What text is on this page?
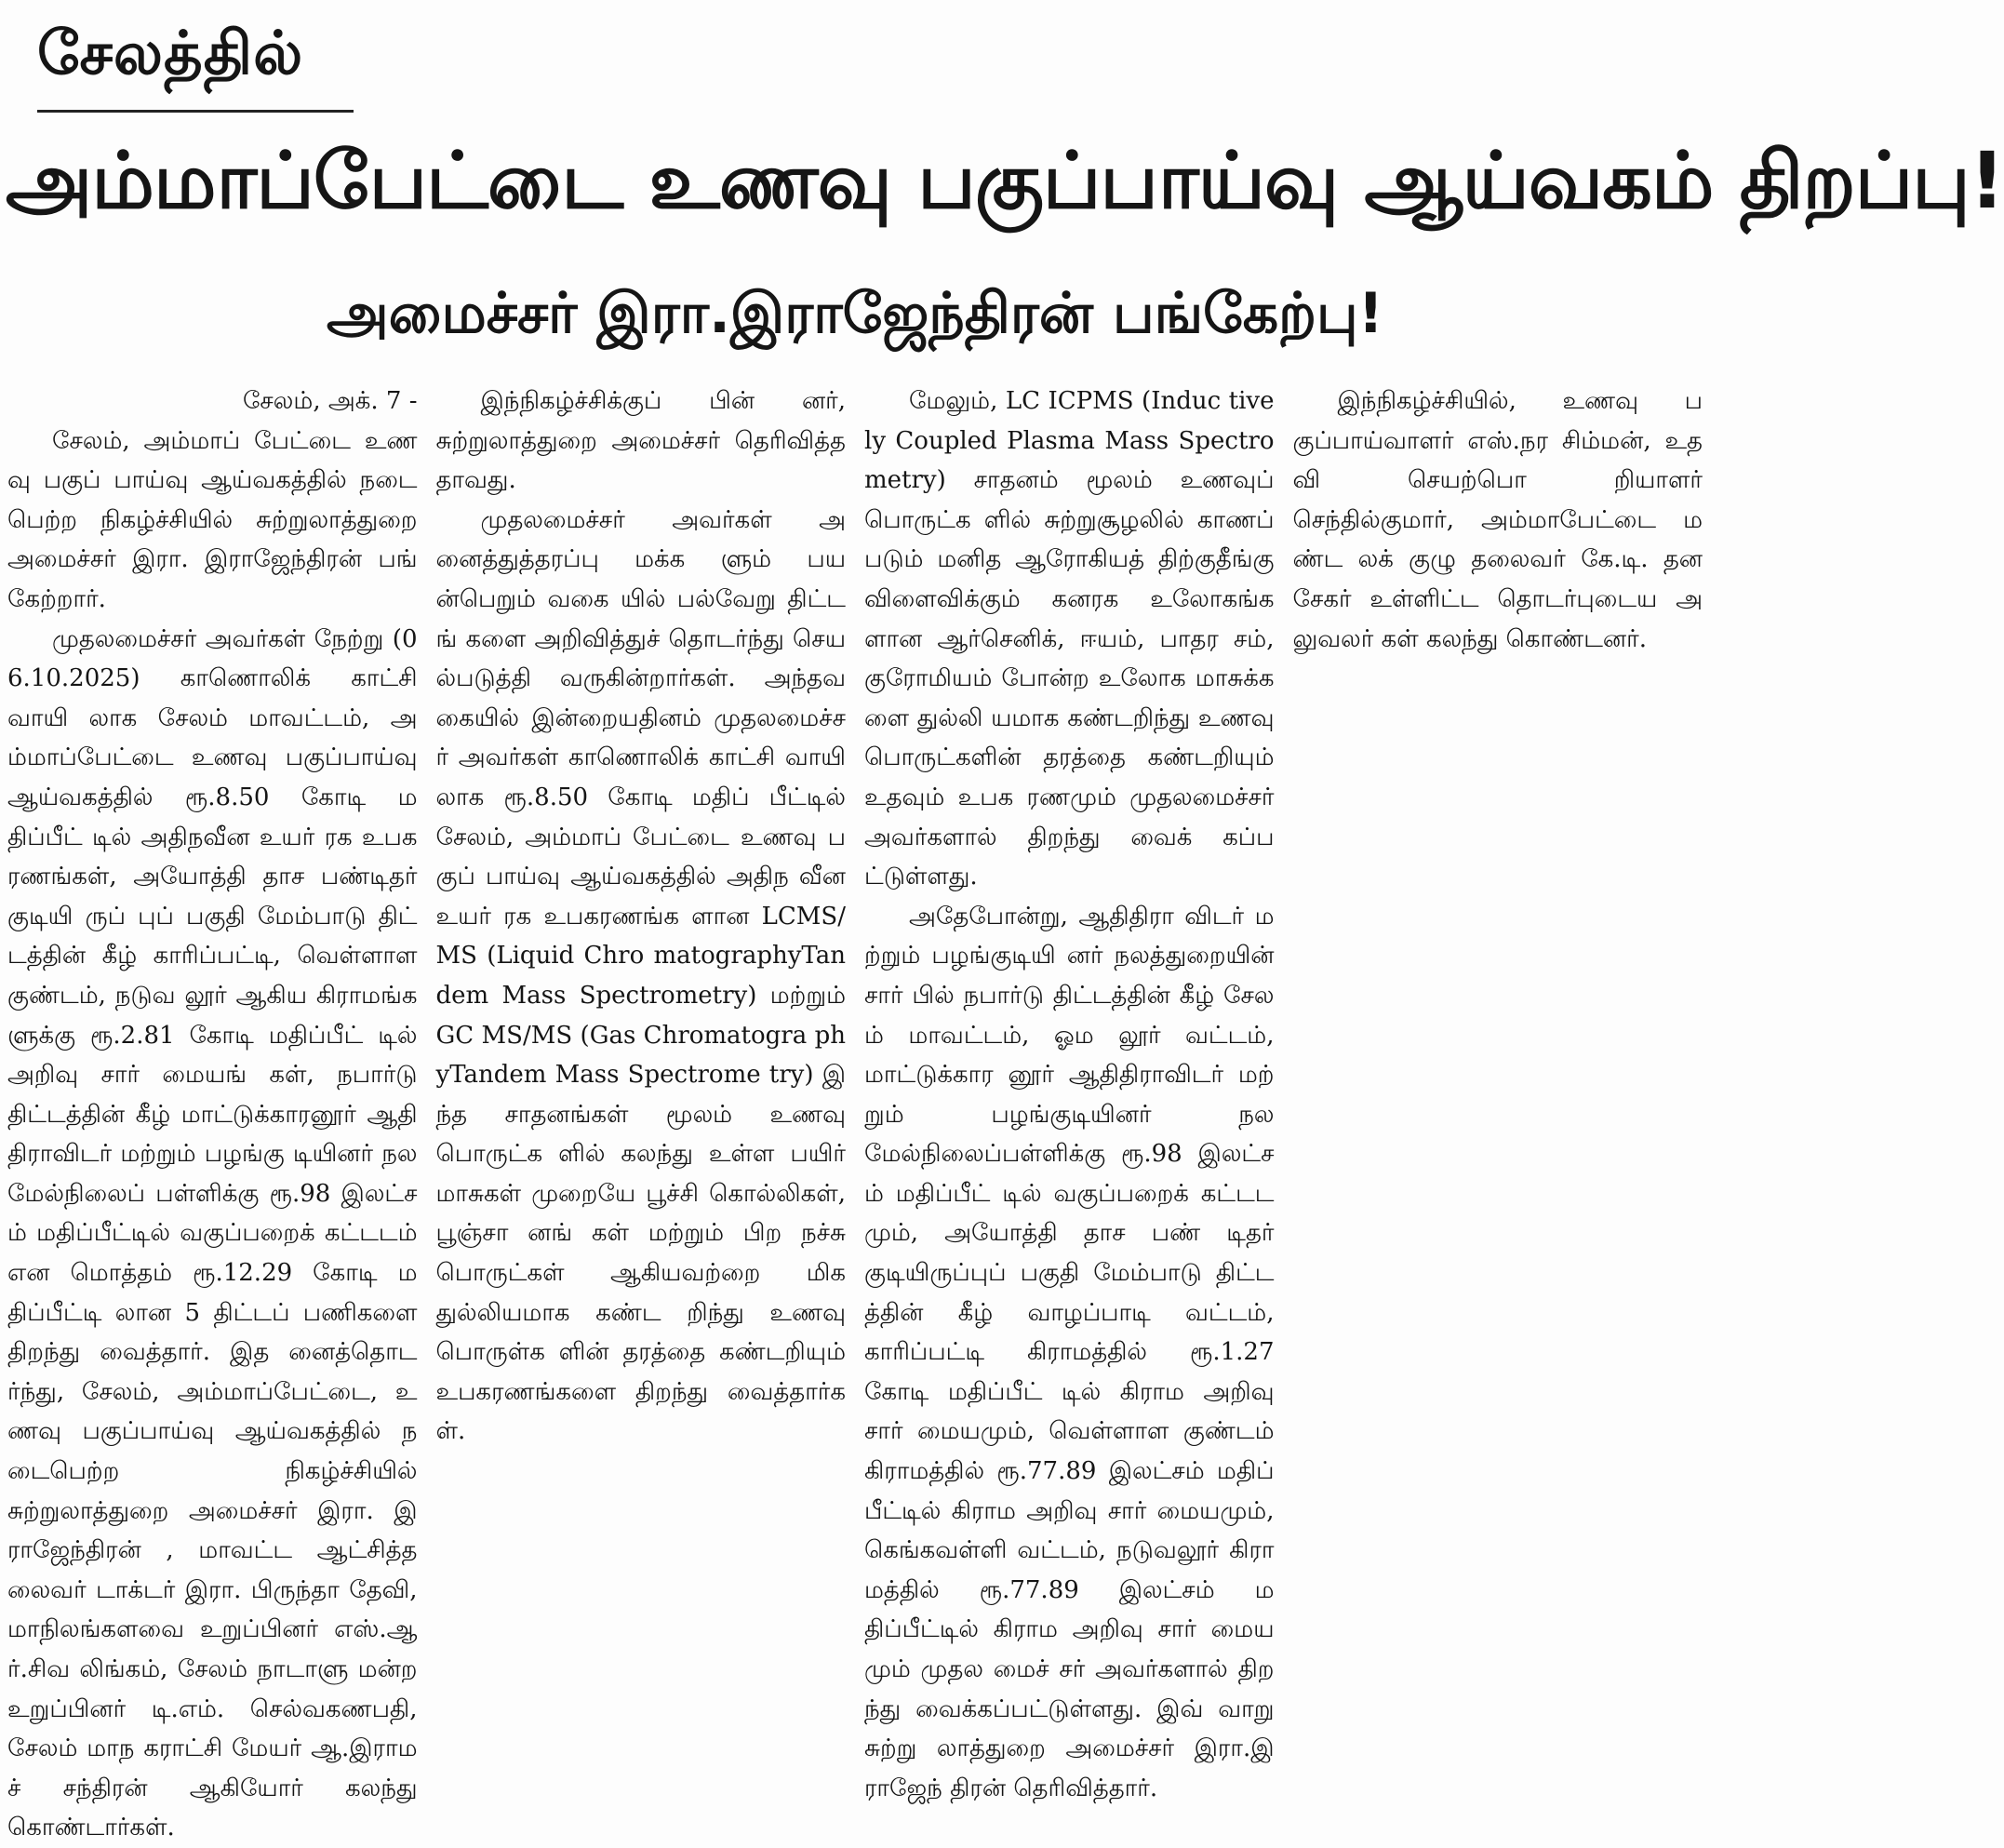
சேலத்தில்
அம்மாப்பேட்டை உணவு பகுப்பாய்வு ஆய்வகம் திறப்பு!
அமைச்சர் இரா.இராஜேந்திரன் பங்கேற்பு!

சேலம், அக். 7 -

சேலம், அம்மாப் பேட்டை உணவு பகுப் பாய்வு ஆய்வகத்தில் நடை பெற்ற நிகழ்ச்சியில் சுற்றுலாத்துறை அமைச்சர் இரா. இராஜேந்திரன் பங் கேற்றார்.

முதலமைச்சர் அவர்கள் நேற்று (06.10.2025) காணொலிக் காட்சி வாயி லாக சேலம் மாவட்டம், அம்மாப்பேட்டை உணவு பகுப்பாய்வு ஆய்வகத்தில் ரூ.8.50 கோடி மதிப்பீட் டில் அதிநவீன உயர் ரக உபகரணங்கள், அயோத்தி தாச பண்டிதர் குடியி ருப் புப் பகுதி மேம்பாடு திட் டத்தின் கீழ் காரிப்பட்டி, வெள்ளாளகுண்டம், நடுவ லூர் ஆகிய கிராமங்களுக்கு ரூ.2.81 கோடி மதிப்பீட் டில் அறிவு சார் மையங் கள், நபார்டு திட்டத்தின் கீழ் மாட்டுக்காரனூர் ஆதி திராவிடர் மற்றும் பழங்கு டியினர் நல மேல்நிலைப் பள்ளிக்கு ரூ.98 இலட்சம் மதிப்பீட்டில் வகுப்பறைக் கட்டடம் என மொத்தம் ரூ.12.29 கோடி மதிப்பீட்டி லான 5 திட்டப் பணிகளை திறந்து வைத்தார். இத னைத்தொடர்ந்து, சேலம், அம்மாப்பேட்டை, உணவு பகுப்பாய்வு ஆய்வகத்தில் நடைபெற்ற நிகழ்ச்சியில் சுற்றுலாத்துறை அமைச்சர் இரா. இராஜேந்திரன் , மாவட்ட ஆட்சித்தலைவர் டாக்டர் இரா. பிருந்தா தேவி, மாநிலங்களவை உறுப்பினர் எஸ்.ஆர்.சிவ லிங்கம், சேலம் நாடாளு மன்ற உறுப்பினர் டி.எம். செல்வகணபதி, சேலம் மாந கராட்சி மேயர் ஆ.இராமச் சந்திரன் ஆகியோர் கலந்து கொண்டார்கள்.

இந்நிகழ்ச்சிக்குப் பின் னர், சுற்றுலாத்துறை அமைச்சர் தெரிவித்த தாவது.

முதலமைச்சர் அவர்கள் அனைத்துத்தரப்பு மக்க ளும் பயன்பெறும் வகை யில் பல்வேறு திட்டங் களை அறிவித்துச் தொடர்ந்து செயல்படுத்தி வருகின்றார்கள். அந்தவ கையில் இன்றையதினம் முதலமைச்சர் அவர்கள் காணொலிக் காட்சி வாயி லாக ரூ.8.50 கோடி மதிப் பீட்டில் சேலம், அம்மாப் பேட்டை உணவு பகுப் பாய்வு ஆய்வகத்தில் அதிந வீன உயர் ரக உபகரணங்க ளான LCMS/MS (Liquid Chro matographyTandem Mass Spectrometry) மற்றும் GC MS/MS (Gas Chromatogra phyTandem Mass Spectrome try) இந்த சாதனங்கள் மூலம் உணவு பொருட்க ளில் கலந்து உள்ள பயிர் மாசுகள் முறையே பூச்சி கொல்லிகள், பூஞ்சா னங் கள் மற்றும் பிற நச்சு பொருட்கள் ஆகியவற்றை மிக துல்லியமாக கண்ட றிந்து உணவு பொருள்க ளின் தரத்தை கண்டறியும் உபகரணங்களை திறந்து வைத்தார்கள்.

மேலும், LC ICPMS (Induc tively Coupled Plasma Mass Spectrometry) சாதனம் மூலம் உணவுப் பொருட்க ளில் சுற்றுசூழலில் காணப் படும் மனித ஆரோகியத் திற்குதீங்கு விளைவிக்கும் கனரக உலோகங்களான ஆர்செனிக், ஈயம், பாதர சம், குரோமியம் போன்ற உலோக மாசுக்களை துல்லி யமாக கண்டறிந்து உணவு பொருட்களின் தரத்தை கண்டறியும் உதவும் உபக ரணமும் முதலமைச்சர் அவர்களால் திறந்து வைக் கப்பட்டுள்ளது.

அதேபோன்று, ஆதிதிரா விடர் மற்றும் பழங்குடியி னர் நலத்துறையின் சார் பில் நபார்டு திட்டத்தின் கீழ் சேலம் மாவட்டம், ஓம லூர் வட்டம், மாட்டுக்கார னூர் ஆதிதிராவிடர் மற் றும் பழங்குடியினர் நல மேல்நிலைப்பள்ளிக்கு ரூ.98 இலட்சம் மதிப்பீட் டில் வகுப்பறைக் கட்டட மும், அயோத்தி தாச பண் டிதர் குடியிருப்புப் பகுதி மேம்பாடு திட்டத்தின் கீழ் வாழப்பாடி வட்டம், காரிப்பட்டி கிராமத்தில் ரூ.1.27 கோடி மதிப்பீட் டில் கிராம அறிவு சார் மையமும், வெள்ளாள குண்டம் கிராமத்தில் ரூ.77.89 இலட்சம் மதிப் பீட்டில் கிராம அறிவு சார் மையமும், கெங்கவள்ளி வட்டம், நடுவலூர் கிரா மத்தில் ரூ.77.89 இலட்சம் மதிப்பீட்டில் கிராம அறிவு சார் மையமும் முதல மைச் சர் அவர்களால் திறந்து வைக்கப்பட்டுள்ளது. இவ் வாறு சுற்று லாத்துறை அமைச்சர் இரா.இராஜேந் திரன் தெரிவித்தார்.

இந்நிகழ்ச்சியில், உணவு பகுப்பாய்வாளர் எஸ்.நர சிம்மன், உதவி செயற்பொ றியாளர் செந்தில்குமார், அம்மாபேட்டை மண்ட லக் குழு தலைவர் கே.டி. தனசேகர் உள்ளிட்ட தொடர்புடைய அலுவலர் கள் கலந்து கொண்டனர்.
